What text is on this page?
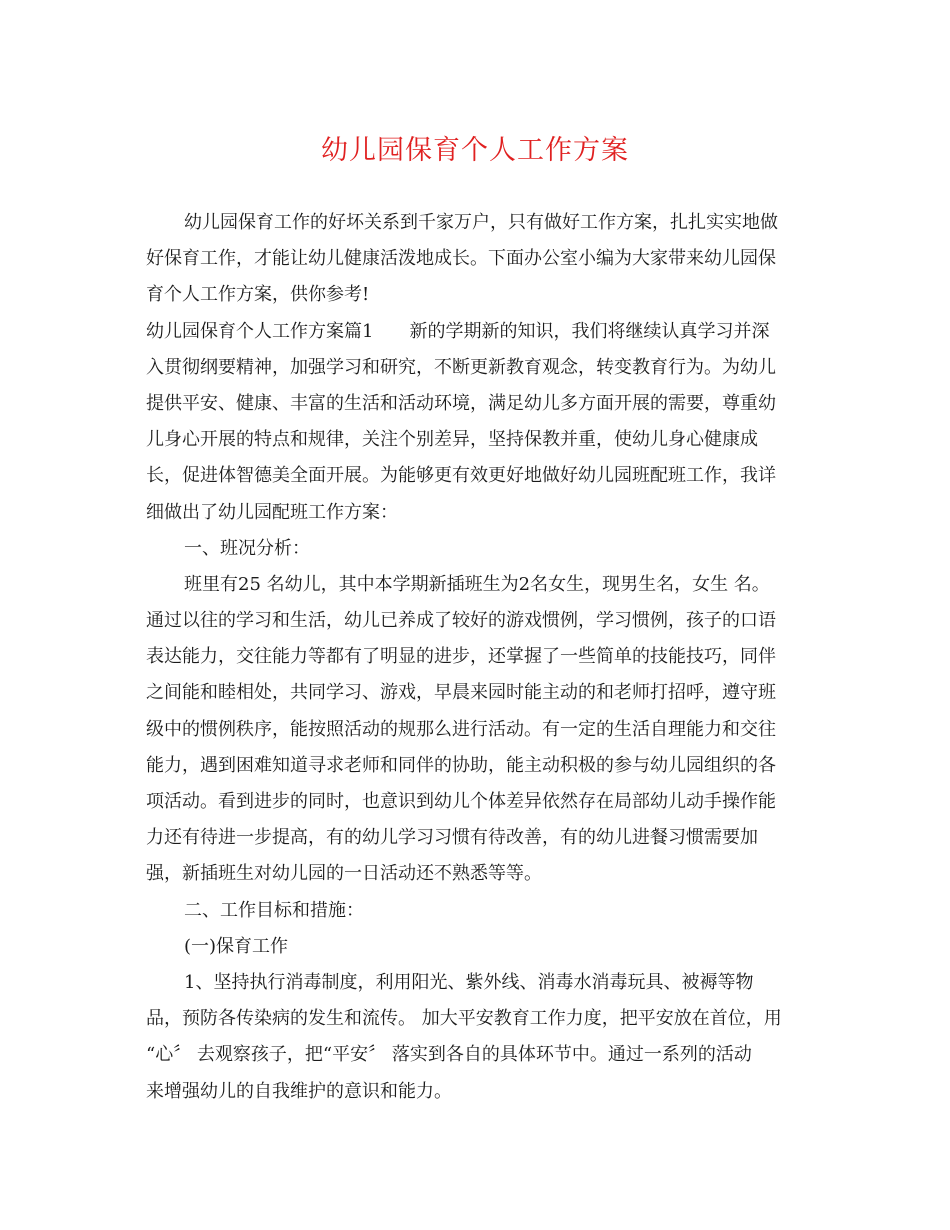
幼儿园保育个人工作方案
幼儿园保育工作的好坏关系到千家万户，只有做好工作方案，扎扎实实地做
好保育工作，才能让幼儿健康活泼地成长。下面办公室小编为大家带来幼儿园保
育个人工作方案，供你参考!
幼儿园保育个人工作方案篇1　　新的学期新的知识，我们将继续认真学习并深
入贯彻纲要精神，加强学习和研究，不断更新教育观念，转变教育行为。为幼儿
提供平安、健康、丰富的生活和活动环境，满足幼儿多方面开展的需要，尊重幼
儿身心开展的特点和规律，关注个别差异，坚持保教并重，使幼儿身心健康成
长，促进体智德美全面开展。为能够更有效更好地做好幼儿园班配班工作，我详
细做出了幼儿园配班工作方案：
一、班况分析：
班里有25 名幼儿，其中本学期新插班生为2名女生，现男生名，女生 名。
通过以往的学习和生活，幼儿已养成了较好的游戏惯例，学习惯例，孩子的口语
表达能力，交往能力等都有了明显的进步，还掌握了一些简单的技能技巧，同伴
之间能和睦相处，共同学习、游戏，早晨来园时能主动的和老师打招呼，遵守班
级中的惯例秩序，能按照活动的规那么进行活动。有一定的生活自理能力和交往
能力，遇到困难知道寻求老师和同伴的协助，能主动积极的参与幼儿园组织的各
项活动。看到进步的同时，也意识到幼儿个体差异依然存在局部幼儿动手操作能
力还有待进一步提高，有的幼儿学习习惯有待改善，有的幼儿进餐习惯需要加
强，新插班生对幼儿园的一日活动还不熟悉等等。
二、工作目标和措施：
(一)保育工作
1、坚持执行消毒制度，利用阳光、紫外线、消毒水消毒玩具、被褥等物
品，预防各传染病的发生和流传。 加大平安教育工作力度，把平安放在首位，用
“心〞 去观察孩子，把“平安〞 落实到各自的具体环节中。通过一系列的活动
来增强幼儿的自我维护的意识和能力。
